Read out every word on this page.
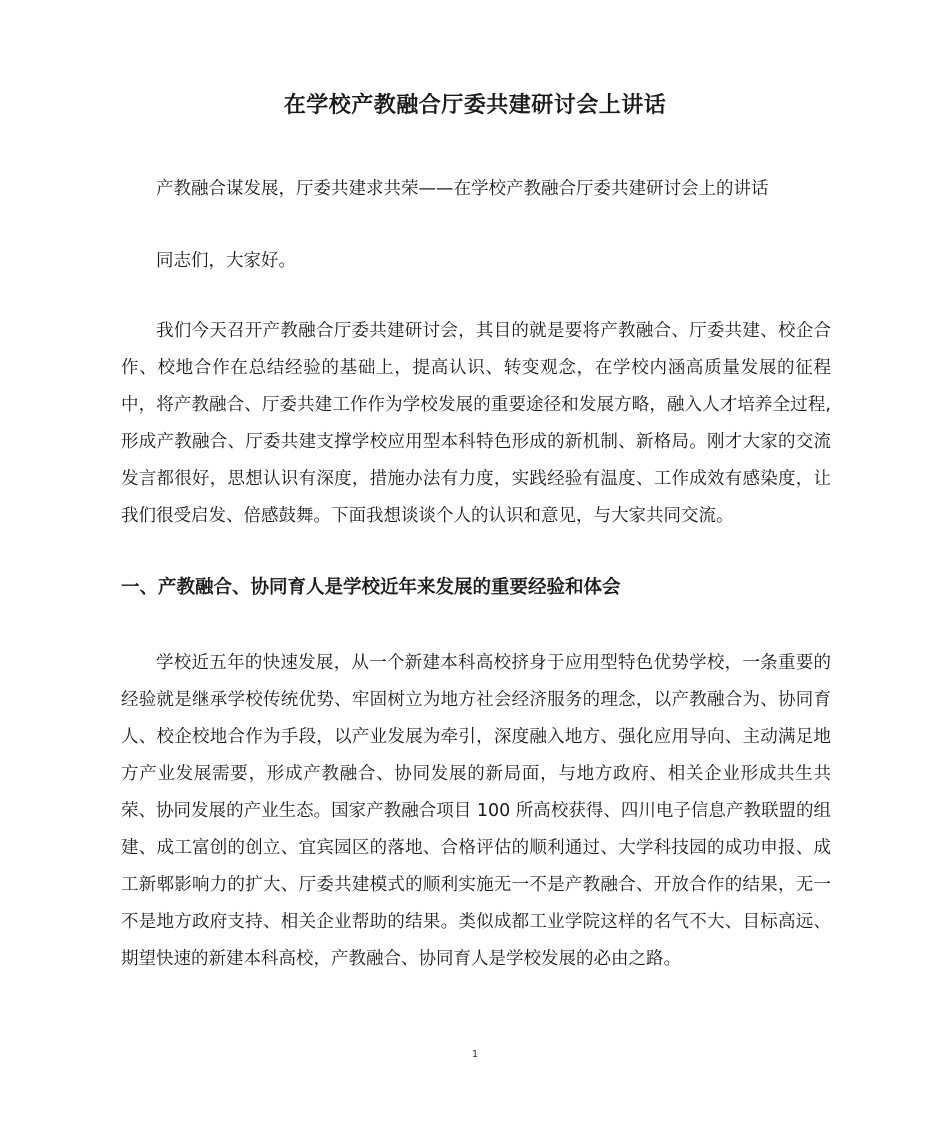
在学校产教融合厅委共建研讨会上讲话

产教融合谋发展，厅委共建求共荣——在学校产教融合厅委共建研讨会上的讲话

同志们，大家好。

我们今天召开产教融合厅委共建研讨会，其目的就是要将产教融合、厅委共建、校企合作、校地合作在总结经验的基础上，提高认识、转变观念，在学校内涵高质量发展的征程中，将产教融合、厅委共建工作作为学校发展的重要途径和发展方略，融入人才培养全过程,形成产教融合、厅委共建支撑学校应用型本科特色形成的新机制、新格局。刚才大家的交流发言都很好，思想认识有深度，措施办法有力度，实践经验有温度、工作成效有感染度，让我们很受启发、倍感鼓舞。下面我想谈谈个人的认识和意见，与大家共同交流。

一、产教融合、协同育人是学校近年来发展的重要经验和体会

学校近五年的快速发展，从一个新建本科高校挤身于应用型特色优势学校，一条重要的经验就是继承学校传统优势、牢固树立为地方社会经济服务的理念，以产教融合为、协同育人、校企校地合作为手段，以产业发展为牵引，深度融入地方、强化应用导向、主动满足地方产业发展需要，形成产教融合、协同发展的新局面，与地方政府、相关企业形成共生共荣、协同发展的产业生态。国家产教融合项目 100 所高校获得、四川电子信息产教联盟的组建、成工富创的创立、宜宾园区的落地、合格评估的顺利通过、大学科技园的成功申报、成工新郫影响力的扩大、厅委共建模式的顺利实施无一不是产教融合、开放合作的结果，无一不是地方政府支持、相关企业帮助的结果。类似成都工业学院这样的名气不大、目标高远、期望快速的新建本科高校，产教融合、协同育人是学校发展的必由之路。

1
